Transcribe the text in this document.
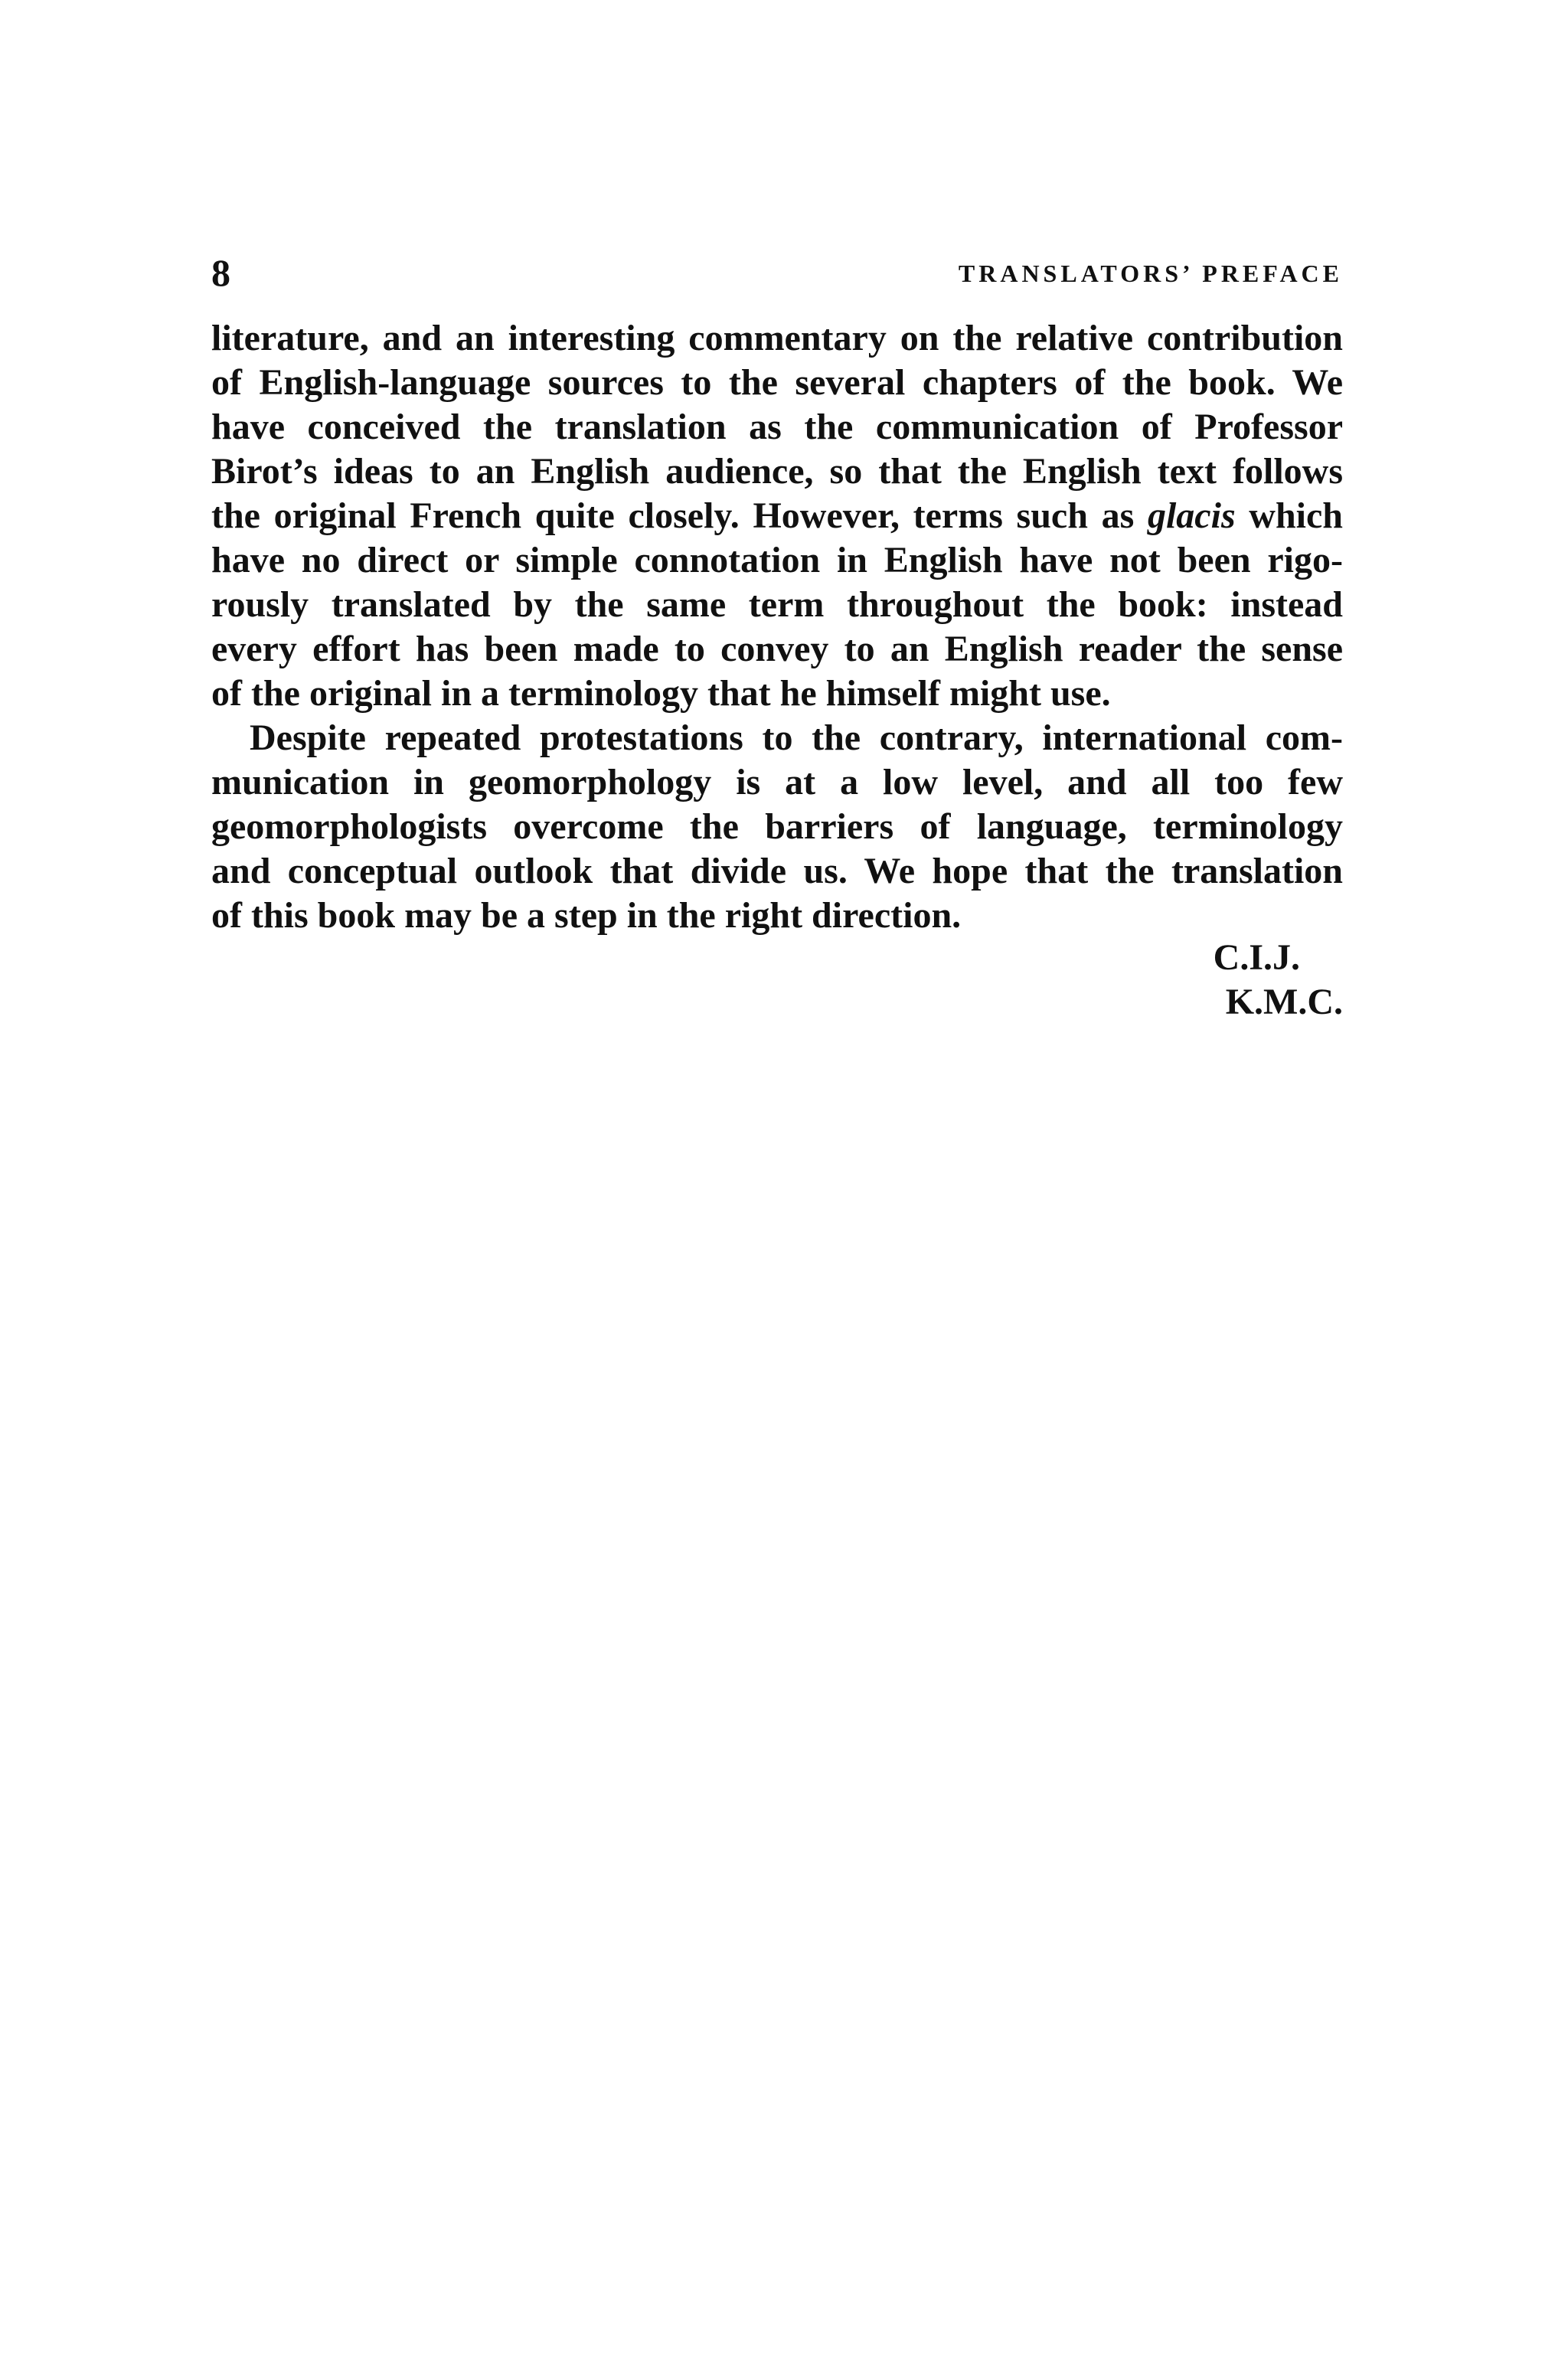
8	TRANSLATORS’ PREFACE
literature, and an interesting commentary on the relative contribution
of English-language sources to the several chapters of the book. We
have conceived the translation as the communication of Professor
Birot’s ideas to an English audience, so that the English text follows
the original French quite closely. However, terms such as glacis which
have no direct or simple connotation in English have not been rigo-
rously translated by the same term throughout the book: instead
every effort has been made to convey to an English reader the sense
of the original in a terminology that he himself might use.
Despite repeated protestations to the contrary, international com-
munication in geomorphology is at a low level, and all too few
geomorphologists overcome the barriers of language, terminology
and conceptual outlook that divide us. We hope that the translation
of this book may be a step in the right direction.
C.I.J.
K.M.C.
